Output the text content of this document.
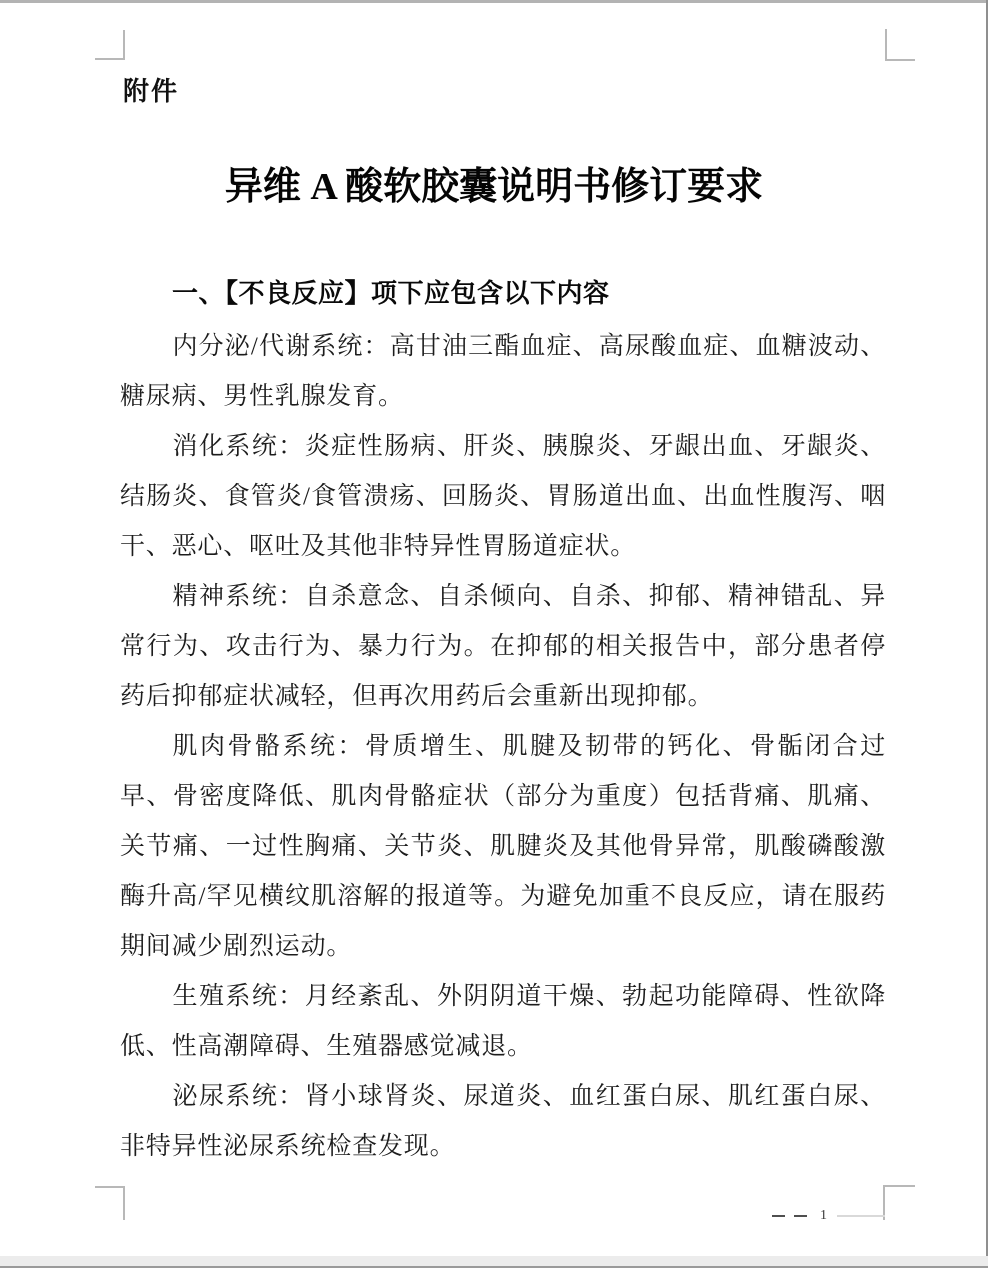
附件
异维 A 酸软胶囊说明书修订要求
一、【不良反应】项下应包含以下内容

内分泌/代谢系统：高甘油三酯血症、高尿酸血症、血糖波动、糖尿病、男性乳腺发育。

消化系统：炎症性肠病、肝炎、胰腺炎、牙龈出血、牙龈炎、结肠炎、食管炎/食管溃疡、回肠炎、胃肠道出血、出血性腹泻、咽干、恶心、呕吐及其他非特异性胃肠道症状。

精神系统：自杀意念、自杀倾向、自杀、抑郁、精神错乱、异常行为、攻击行为、暴力行为。在抑郁的相关报告中，部分患者停药后抑郁症状减轻，但再次用药后会重新出现抑郁。

肌肉骨骼系统：骨质增生、肌腱及韧带的钙化、骨骺闭合过早、骨密度降低、肌肉骨骼症状（部分为重度）包括背痛、肌痛、关节痛、一过性胸痛、关节炎、肌腱炎及其他骨异常，肌酸磷酸激酶升高/罕见横纹肌溶解的报道等。为避免加重不良反应，请在服药期间减少剧烈运动。

生殖系统：月经紊乱、外阴阴道干燥、勃起功能障碍、性欲降低、性高潮障碍、生殖器感觉减退。

泌尿系统：肾小球肾炎、尿道炎、血红蛋白尿、肌红蛋白尿、非特异性泌尿系统检查发现。

1
